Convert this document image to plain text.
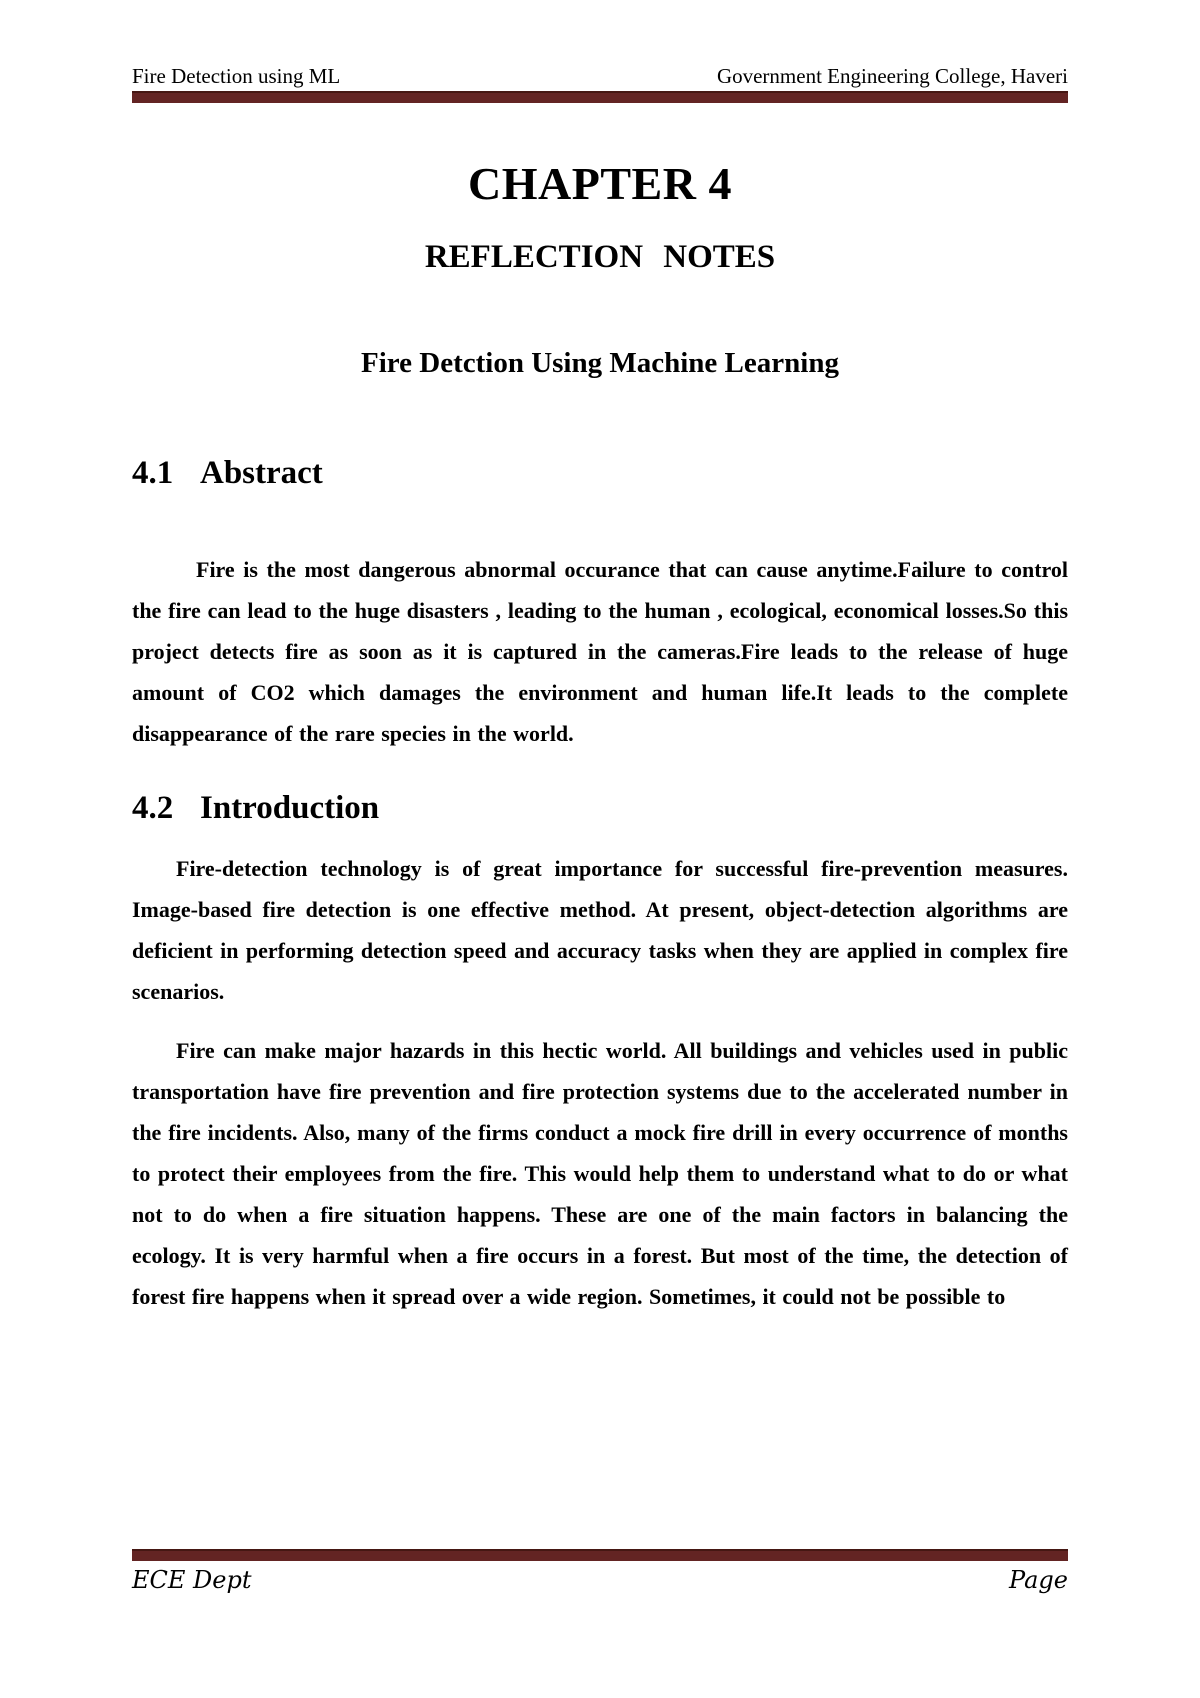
Fire Detection using ML	Government Engineering College, Haveri
CHAPTER 4
REFLECTION NOTES
Fire Detction Using Machine Learning
4.1 Abstract

Fire is the most dangerous abnormal occurance that can cause anytime.Failure to control the fire can lead to the huge disasters , leading to the human , ecological, economical losses.So this project detects fire as soon as it is captured in the cameras.Fire leads to the release of huge amount of CO2 which damages the environment and human life.It leads to the complete disappearance of the rare species in the world.

4.2 Introduction

Fire-detection technology is of great importance for successful fire-prevention measures. Image-based fire detection is one effective method. At present, object-detection algorithms are deficient in performing detection speed and accuracy tasks when they are applied in complex fire scenarios.

Fire can make major hazards in this hectic world. All buildings and vehicles used in public transportation have fire prevention and fire protection systems due to the accelerated number in the fire incidents. Also, many of the firms conduct a mock fire drill in every occurrence of months to protect their employees from the fire. This would help them to understand what to do or what not to do when a fire situation happens. These are one of the main factors in balancing the ecology. It is very harmful when a fire occurs in a forest. But most of the time, the detection of forest fire happens when it spread over a wide region. Sometimes, it could not be possible to

ECE Dept	Page
